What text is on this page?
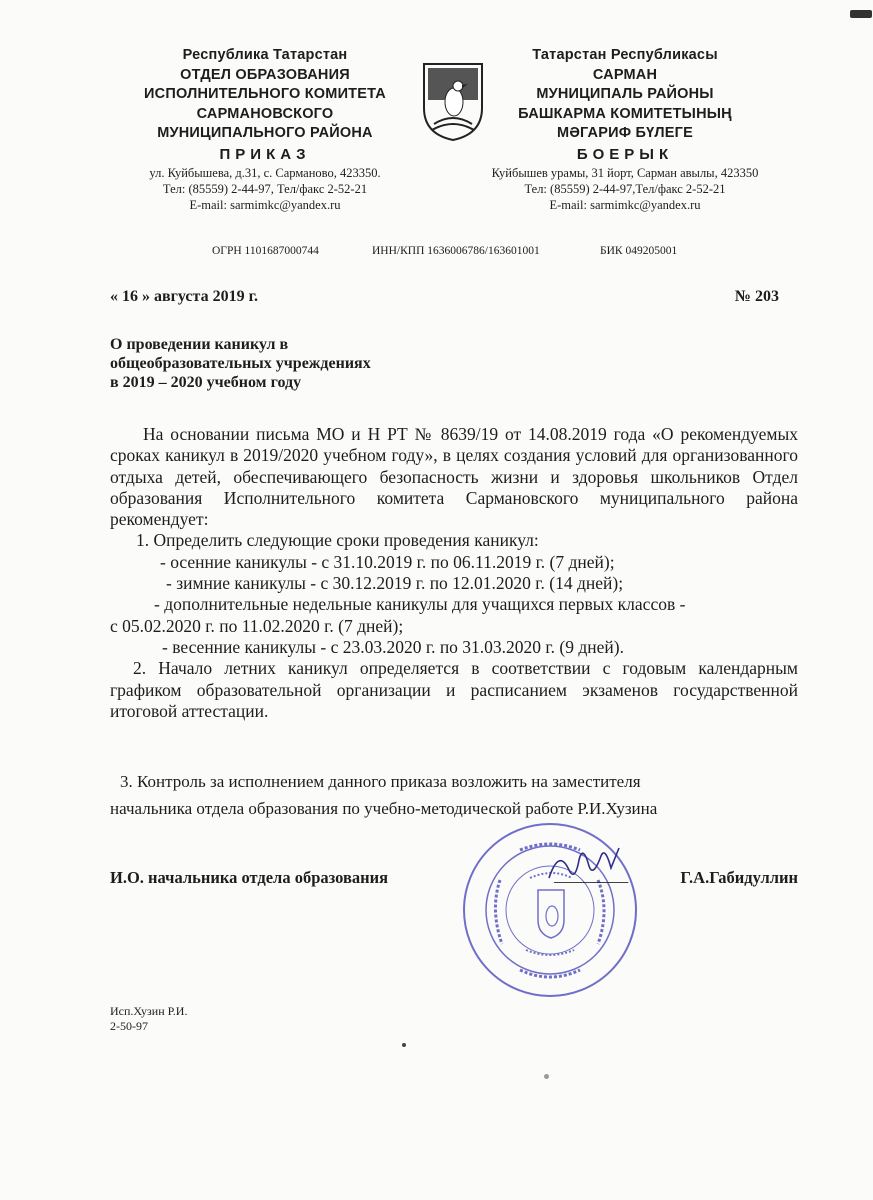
Республика Татарстан
ОТДЕЛ ОБРАЗОВАНИЯ
ИСПОЛНИТЕЛЬНОГО КОМИТЕТА
САРМАНОВСКОГО
МУНИЦИПАЛЬНОГО РАЙОНА
ПРИКАЗ
ул. Куйбышева, д.31, с. Сарманово, 423350.
Тел: (85559) 2-44-97, Тел/факс 2-52-21
E-mail: sarmimkc@yandex.ru
Татарстан Республикасы
САРМАН
МУНИЦИПАЛЬ РАЙОНЫ
БАШКАРМА КОМИТЕТЫНЫҢ
МӘГАРИФ БҮЛЕГЕ
БОЕРЫК
Куйбышев урамы, 31 йорт, Сарман авылы, 423350
Тел: (85559) 2-44-97,Тел/факс 2-52-21
E-mail: sarmimkc@yandex.ru
ОГРН 1101687000744	ИНН/КПП 1636006786/163601001	БИК 049205001
« 16 » августа 2019 г.	№ 203
О проведении каникул в
общеобразовательных учреждениях
в 2019 – 2020 учебном году
На основании письма МО и Н РТ № 8639/19 от 14.08.2019 года «О рекомендуемых сроках каникул в 2019/2020 учебном году», в целях создания условий для организованного отдыха детей, обеспечивающего безопасность жизни и здоровья школьников Отдел образования Исполнительного комитета Сармановского муниципального района рекомендует:
1. Определить следующие сроки проведения каникул:
- осенние каникулы - с 31.10.2019 г. по 06.11.2019 г. (7 дней);
- зимние каникулы - с 30.12.2019 г. по 12.01.2020 г. (14 дней);
- дополнительные недельные каникулы для учащихся первых классов -
с 05.02.2020 г. по 11.02.2020 г. (7 дней);
- весенние каникулы - с 23.03.2020 г. по 31.03.2020 г. (9 дней).
2. Начало летних каникул определяется в соответствии с годовым календарным графиком образовательной организации и расписанием экзаменов государственной итоговой аттестации.
3. Контроль за исполнением данного приказа возложить на заместителя
начальника отдела образования по учебно-методической работе Р.И.Хузина
И.О. начальника отдела образования	_________	Г.А.Габидуллин
Исп.Хузин Р.И.
2-50-97
